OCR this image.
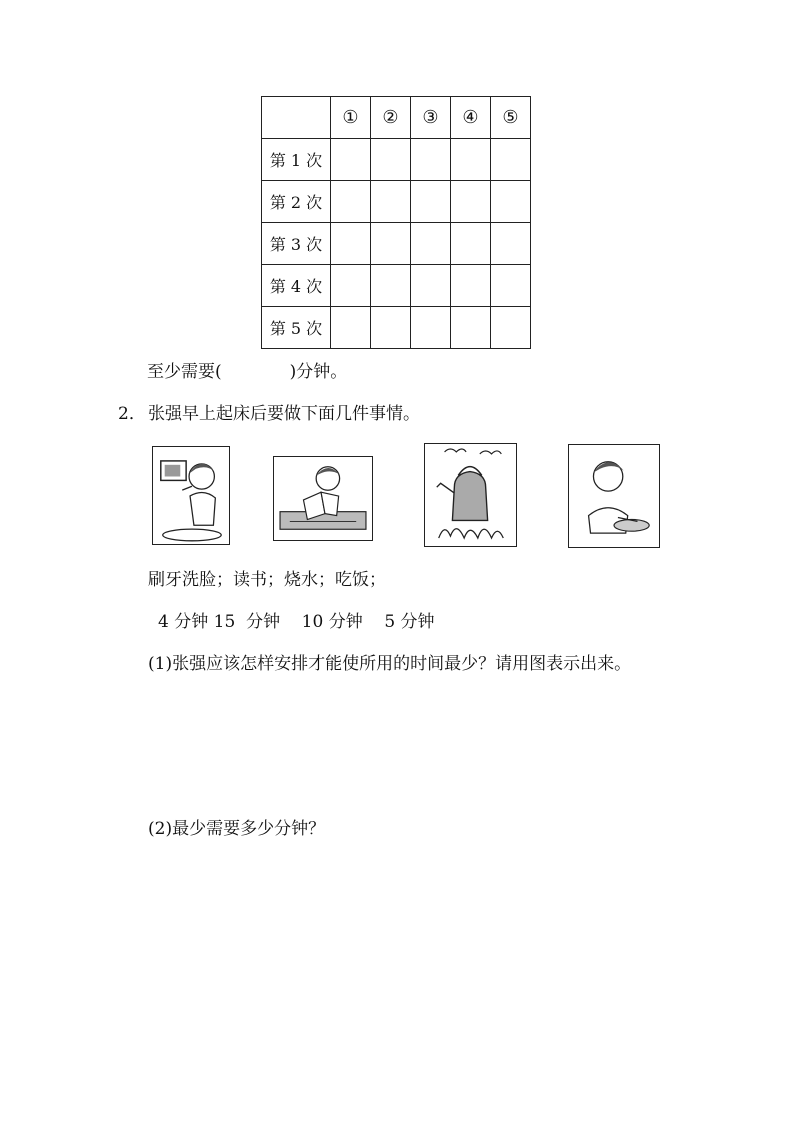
	①	②	③	④	⑤
第 1 次					
第 2 次					
第 3 次					
第 4 次					
第 5 次					
至少需要(　　　　)分钟。
2． 张强早上起床后要做下面几件事情。
刷牙洗脸；读书；烧水；吃饭；
4 分钟 15  分钟    10 分钟    5 分钟
(1)张强应该怎样安排才能使所用的时间最少？请用图表示出来。
(2)最少需要多少分钟？
